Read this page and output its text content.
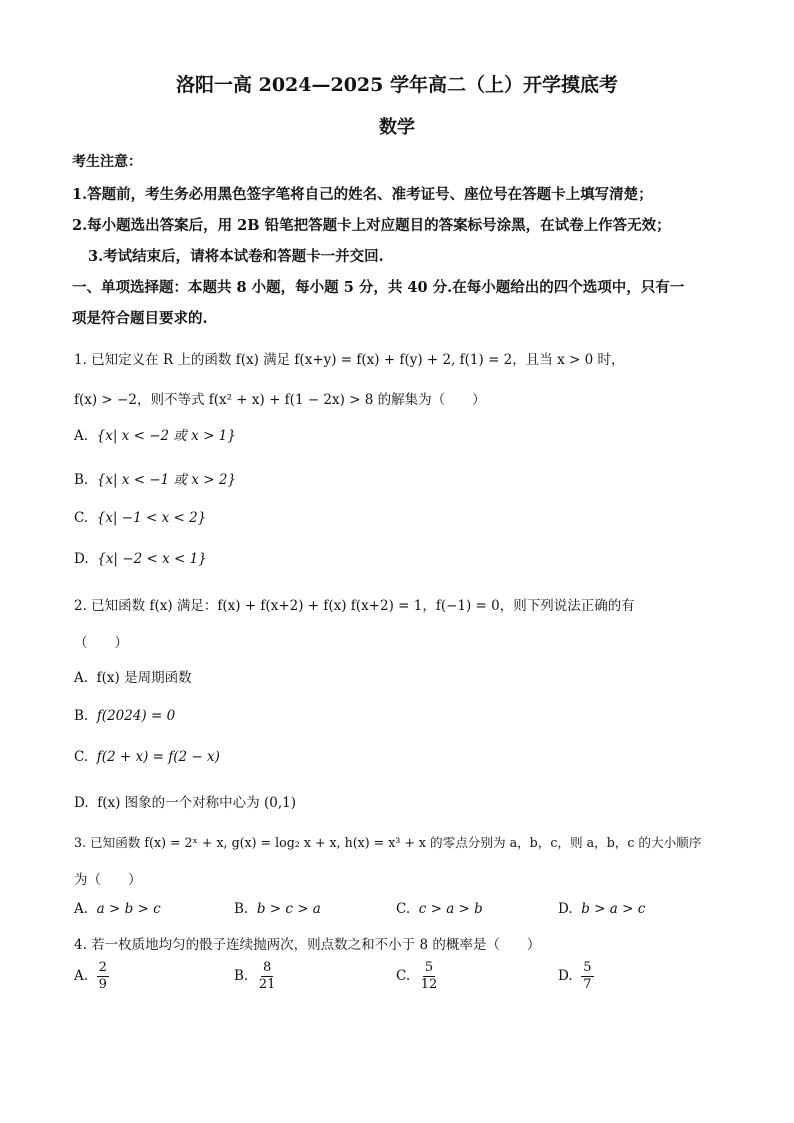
洛阳一高 2024—2025 学年高二（上）开学摸底考
数学
考生注意：
1.答题前，考生务必用黑色签字笔将自己的姓名、准考证号、座位号在答题卡上填写清楚；
2.每小题选出答案后，用 2B 铅笔把答题卡上对应题目的答案标号涂黑，在试卷上作答无效；
3.考试结束后，请将本试卷和答题卡一并交回.
一、单项选择题：本题共 8 小题，每小题 5 分，共 40 分.在每小题给出的四个选项中，只有一
项是符合题目要求的.
1. 已知定义在 R 上的函数 f(x) 满足 f(x+y) = f(x) + f(y) + 2, f(1) = 2，且当 x > 0 时，
f(x) > −2，则不等式 f(x² + x) + f(1 − 2x) > 8 的解集为（　　）
A. {x| x < −2 或 x > 1}
B. {x| x < −1 或 x > 2}
C. {x| −1 < x < 2}
D. {x| −2 < x < 1}
2. 已知函数 f(x) 满足：f(x) + f(x+2) + f(x) f(x+2) = 1，f(−1) = 0，则下列说法正确的有
（　　）
A. f(x) 是周期函数
B. f(2024) = 0
C. f(2 + x) = f(2 − x)
D. f(x) 图象的一个对称中心为 (0,1)
3. 已知函数 f(x) = 2ˣ + x, g(x) = log₂ x + x, h(x) = x³ + x 的零点分别为 a，b，c，则 a，b，c 的大小顺序
为（　　）
A. a > b > c	B. b > c > a	C. c > a > b	D. b > a > c
4. 若一枚质地均匀的骰子连续抛两次，则点数之和不小于 8 的概率是（　　）
A. $\frac{2}{9}$	B. $\frac{8}{21}$	C. $\frac{5}{12}$	D. $\frac{5}{7}$
